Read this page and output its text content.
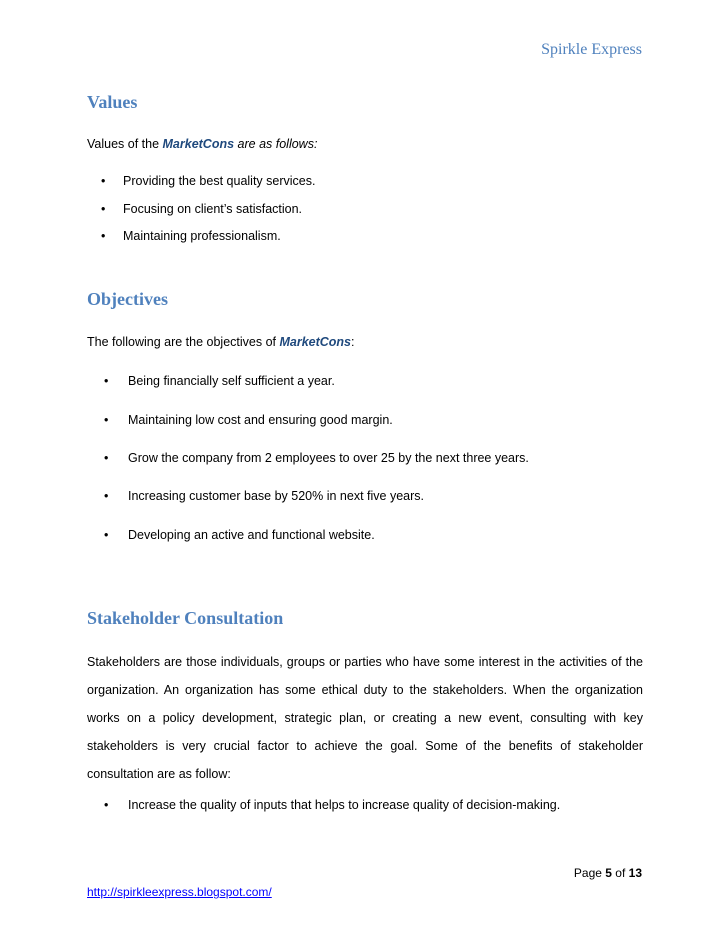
Spirkle Express
Values

Values of the MarketCons are as follows:

• Providing the best quality services.
• Focusing on client’s satisfaction.
• Maintaining professionalism.
Objectives

The following are the objectives of MarketCons:

• Being financially self sufficient a year.
• Maintaining low cost and ensuring good margin.
• Grow the company from 2 employees to over 25 by the next three years.
• Increasing customer base by 520% in next five years.
• Developing an active and functional website.
Stakeholder Consultation

Stakeholders are those individuals, groups or parties who have some interest in the activities of the organization. An organization has some ethical duty to the stakeholders. When the organization works on a policy development, strategic plan, or creating a new event, consulting with key stakeholders is very crucial factor to achieve the goal. Some of the benefits of stakeholder consultation are as follow:

• Increase the quality of inputs that helps to increase quality of decision-making.
Page 5 of 13
http://spirkleexpress.blogspot.com/
